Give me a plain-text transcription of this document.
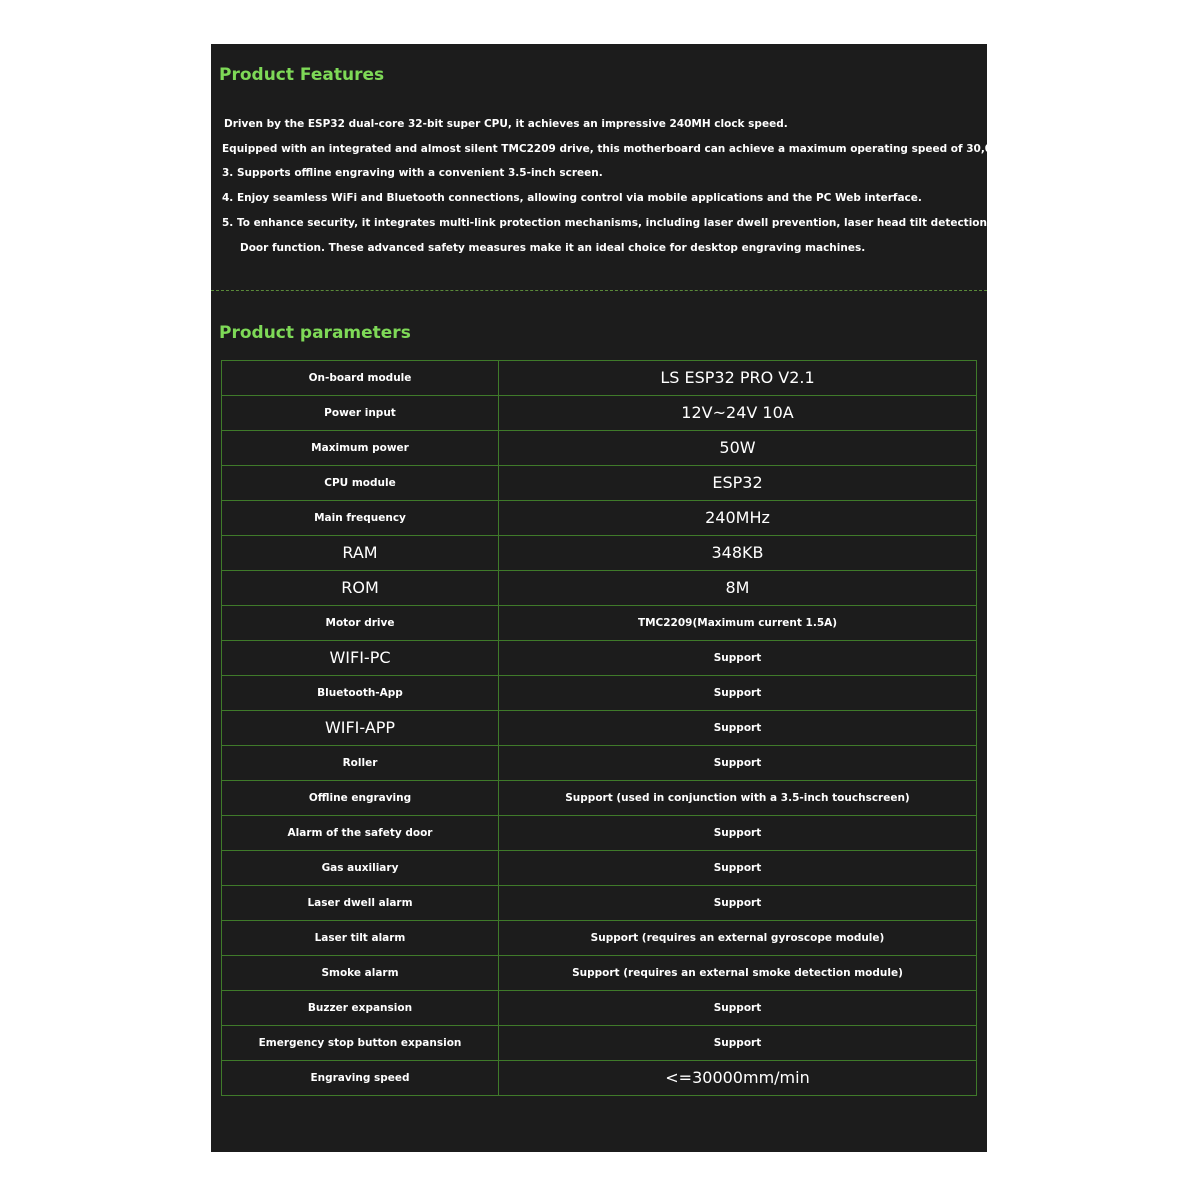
Product Features
Driven by the ESP32 dual-core 32-bit super CPU, it achieves an impressive 240MH clock speed.
Equipped with an integrated and almost silent TMC2209 drive, this motherboard can achieve a maximum operating speed of 30,000mm /min.
3. Supports offline engraving with a convenient 3.5-inch screen.
4. Enjoy seamless WiFi and Bluetooth connections, allowing control via mobile applications and the PC Web interface.
5. To enhance security, it integrates multi-link protection mechanisms, including laser dwell prevention, laser head tilt detection, flame monitoring and safety
Door function. These advanced safety measures make it an ideal choice for desktop engraving machines.
Product parameters
On-board module	LS ESP32 PRO V2.1
Power input	12V~24V 10A
Maximum power	50W
CPU module	ESP32
Main frequency	240MHz
RAM	348KB
ROM	8M
Motor drive	TMC2209(Maximum current 1.5A)
WIFI-PC	Support
Bluetooth-App	Support
WIFI-APP	Support
Roller	Support
Offline engraving	Support (used in conjunction with a 3.5-inch touchscreen)
Alarm of the safety door	Support
Gas auxiliary	Support
Laser dwell alarm	Support
Laser tilt alarm	Support (requires an external gyroscope module)
Smoke alarm	Support (requires an external smoke detection module)
Buzzer expansion	Support
Emergency stop button expansion	Support
Engraving speed	<=30000mm/min
